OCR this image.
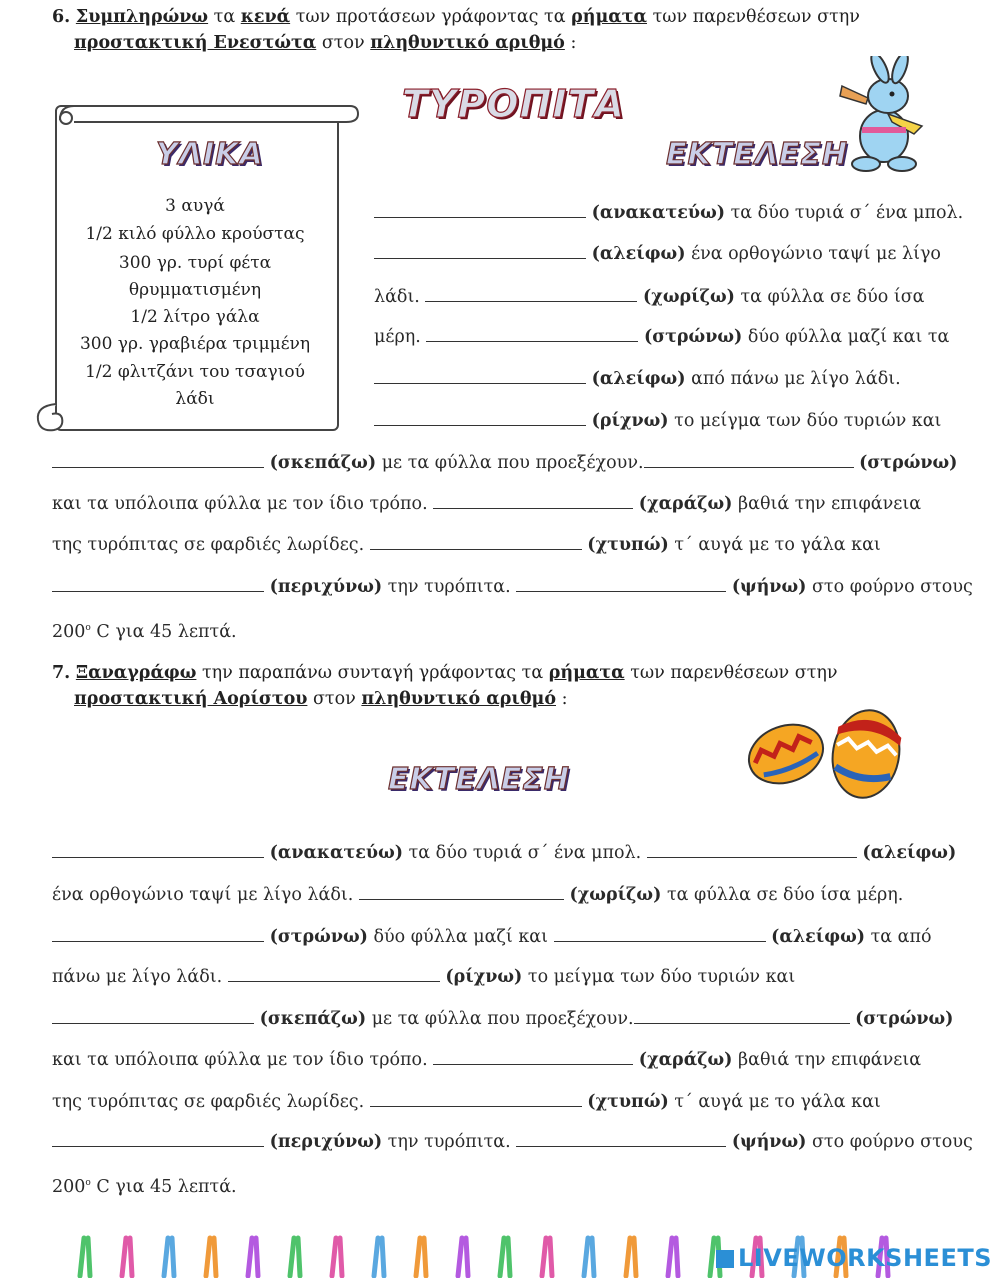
6. Συμπληρώνω τα κενά των προτάσεων γράφοντας τα ρήματα των παρενθέσεων στην
προστακτική Ενεστώτα στον πληθυντικό αριθμό :
ΤΥΡΟΠΙΤΑ
ΥΛΙΚΑ
3 αυγά
1/2 κιλό φύλλο κρούστας
300 γρ. τυρί φέτα
θρυμματισμένη
1/2 λίτρο γάλα
300 γρ. γραβιέρα τριμμένη
1/2 φλιτζάνι του τσαγιού
λάδι
ΕΚΤΕΛΕΣΗ
(ανακατεύω) τα δύο τυριά σ΄ ένα μπολ.
(αλείφω) ένα ορθογώνιο ταψί με λίγο
λάδι.	(χωρίζω) τα φύλλα σε δύο ίσα
μέρη.	(στρώνω) δύο φύλλα μαζί και τα
(αλείφω) από πάνω με λίγο λάδι.
(ρίχνω) το μείγμα των δύο τυριών και
(σκεπάζω) με τα φύλλα που προεξέχουν.	(στρώνω)
και τα υπόλοιπα φύλλα με τον ίδιο τρόπο.	(χαράζω) βαθιά την επιφάνεια
της τυρόπιτας σε φαρδιές λωρίδες.	(χτυπώ) τ΄ αυγά με το γάλα και
(περιχύνω) την τυρόπιτα.	(ψήνω) στο φούρνο στους
200$^o$ C για 45 λεπτά.
7. Ξαναγράφω την παραπάνω συνταγή γράφοντας τα ρήματα των παρενθέσεων στην
προστακτική Αορίστου στον πληθυντικό αριθμό :
ΕΚΤΕΛΕΣΗ
(ανακατεύω) τα δύο τυριά σ΄ ένα μπολ.	(αλείφω)
ένα ορθογώνιο ταψί με λίγο λάδι.	(χωρίζω) τα φύλλα σε δύο ίσα μέρη.
(στρώνω) δύο φύλλα μαζί και	(αλείφω) τα από
πάνω με λίγο λάδι.	(ρίχνω) το μείγμα των δύο τυριών και
(σκεπάζω) με τα φύλλα που προεξέχουν.	(στρώνω)
και τα υπόλοιπα φύλλα με τον ίδιο τρόπο.	(χαράζω) βαθιά την επιφάνεια
της τυρόπιτας σε φαρδιές λωρίδες.	(χτυπώ) τ΄ αυγά με το γάλα και
(περιχύνω) την τυρόπιτα.	(ψήνω) στο φούρνο στους
200$^o$ C για 45 λεπτά.
LIVEWORKSHEETS
